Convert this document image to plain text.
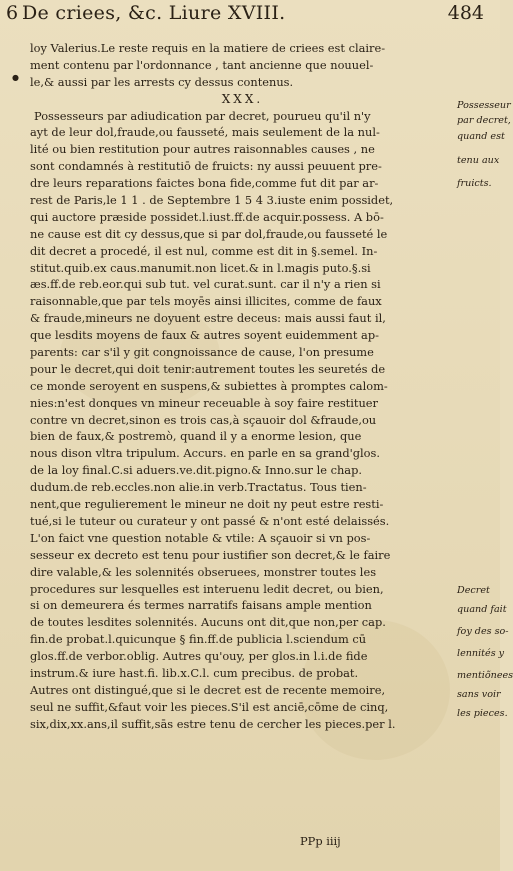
6 De criees, &c. Liure XVIII.	484
●
loy Valerius.Le reste requis en la matiere de criees est claire-
ment contenu par l'ordonnance , tant ancienne que nouuel-
le,& aussi par les arrests cy dessus contenus.
XXX.
Possesseurs par adiudication par decret, pourueu qu'il n'y
ayt de leur dol,fraude,ou fausseté, mais seulement de la nul-
lité ou bien restitution pour autres raisonnables causes , ne
sont condamnés à restitutiō de fruicts: ny aussi peuuent pre-
dre leurs reparations faictes bona fide,comme fut dit par ar-
rest de Paris,le 1 1 . de Septembre 1 5 4 3.iuste enim possidet,
qui auctore præside possidet.l.iust.ff.de acquir.possess. A bō-
ne cause est dit cy dessus,que si par dol,fraude,ou fausseté le
dit decret a procedé, il est nul, comme est dit in §.semel. In-
stitut.quib.ex caus.manumit.non licet.& in l.magis puto.§.si
æs.ff.de reb.eor.qui sub tut. vel curat.sunt. car il n'y a rien si
raisonnable,que par tels moyēs ainsi illicites, comme de faux
& fraude,mineurs ne doyuent estre deceus: mais aussi faut il,
que lesdits moyens de faux & autres soyent euidemment ap-
parents: car s'il y git congnoissance de cause, l'on presume
pour le decret,qui doit tenir:autrement toutes les seuretés de
ce monde seroyent en suspens,& subiettes à promptes calom-
nies:n'est donques vn mineur receuable à soy faire restituer
contre vn decret,sinon es trois cas,à sçauoir dol &fraude,ou
bien de faux,& postremò, quand il y a enorme lesion, que
nous dison vltra tripulum. Accurs. en parle en sa grand'glos.
de la loy final.C.si aduers.ve.dit.pigno.& Inno.sur le chap.
dudum.de reb.eccles.non alie.in verb.Tractatus. Tous tien-
nent,que regulierement le mineur ne doit ny peut estre resti-
tué,si le tuteur ou curateur y ont passé & n'ont esté delaissés.
L'on faict vne question notable & vtile: A sçauoir si vn pos-
sesseur ex decreto est tenu pour iustifier son decret,& le faire
dire valable,& les solennités obseruees, monstrer toutes les
procedures sur lesquelles est interuenu ledit decret, ou bien,
si on demeurera és termes narratifs faisans ample mention
de toutes lesdites solennités. Aucuns ont dit,que non,per cap.
fin.de probat.l.quicunque § fin.ff.de publicia l.sciendum cū
glos.ff.de verbor.oblig. Autres qu'ouy, per glos.in l.i.de fide
instrum.& iure hast.fi. lib.x.C.l. cum precibus. de probat.
Autres ont distingué,que si le decret est de recente memoire,
seul ne suffit,&faut voir les pieces.S'il est anciē,cōme de cinq,
six,dix,xx.ans,il suffit,sās estre tenu de cercher les pieces.per l.
Possesseur
par decret,
quand est
tenu aux
fruicts.
Decret
quand fait
foy des so-
lennités y
mentiõnees
sans voir
les pieces.
PPp iiij
